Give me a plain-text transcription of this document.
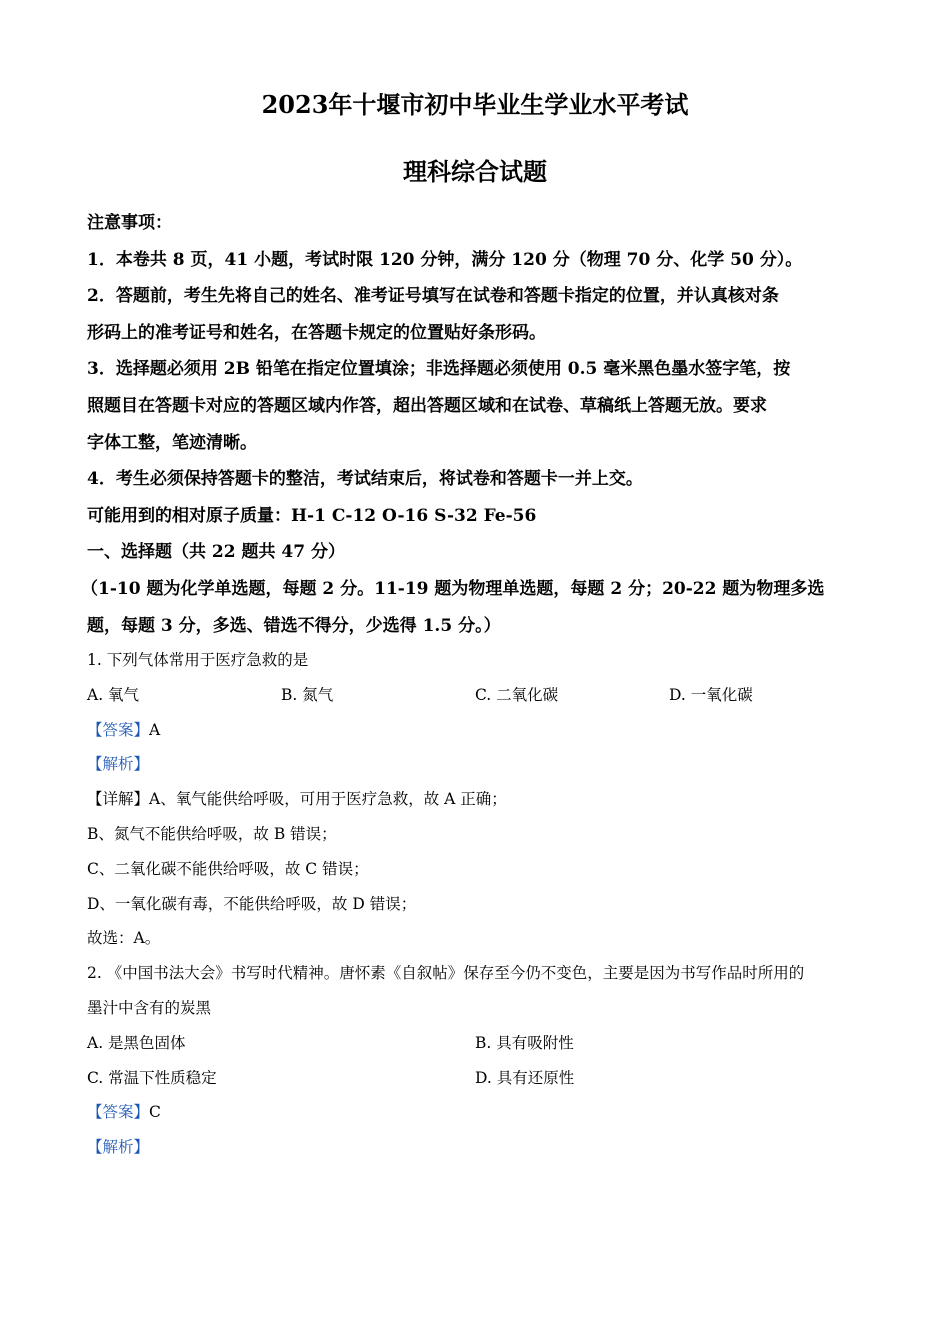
2023年十堰市初中毕业生学业水平考试
理科综合试题

注意事项：

1．本卷共 8 页，41 小题，考试时限 120 分钟，满分 120 分（物理 70 分、化学 50 分）。

2．答题前，考生先将自己的姓名、准考证号填写在试卷和答题卡指定的位置，并认真核对条

形码上的准考证号和姓名，在答题卡规定的位置贴好条形码。

3．选择题必须用 2B 铅笔在指定位置填涂；非选择题必须使用 0.5 毫米黑色墨水签字笔，按

照题目在答题卡对应的答题区域内作答，超出答题区域和在试卷、草稿纸上答题无放。要求

字体工整，笔迹清晰。

4．考生必须保持答题卡的整洁，考试结束后，将试卷和答题卡一并上交。

可能用到的相对原子质量：H-1 C-12 O-16 S-32 Fe-56

一、选择题（共 22 题共 47 分）

（1-10 题为化学单选题，每题 2 分。11-19 题为物理单选题，每题 2 分；20-22 题为物理多选

题，每题 3 分，多选、错选不得分，少选得 1.5 分。）

1. 下列气体常用于医疗急救的是

A. 氧气	B. 氮气	C. 二氧化碳	D. 一氧化碳

【答案】A

【解析】

【详解】A、氧气能供给呼吸，可用于医疗急救，故 A 正确；

B、氮气不能供给呼吸，故 B 错误；

C、二氧化碳不能供给呼吸，故 C 错误；

D、一氧化碳有毒，不能供给呼吸，故 D 错误；

故选：A。

2. 《中国书法大会》书写时代精神。唐怀素《自叙帖》保存至今仍不变色，主要是因为书写作品时所用的

墨汁中含有的炭黑

A. 是黑色固体	B. 具有吸附性

C. 常温下性质稳定	D. 具有还原性

【答案】C

【解析】
